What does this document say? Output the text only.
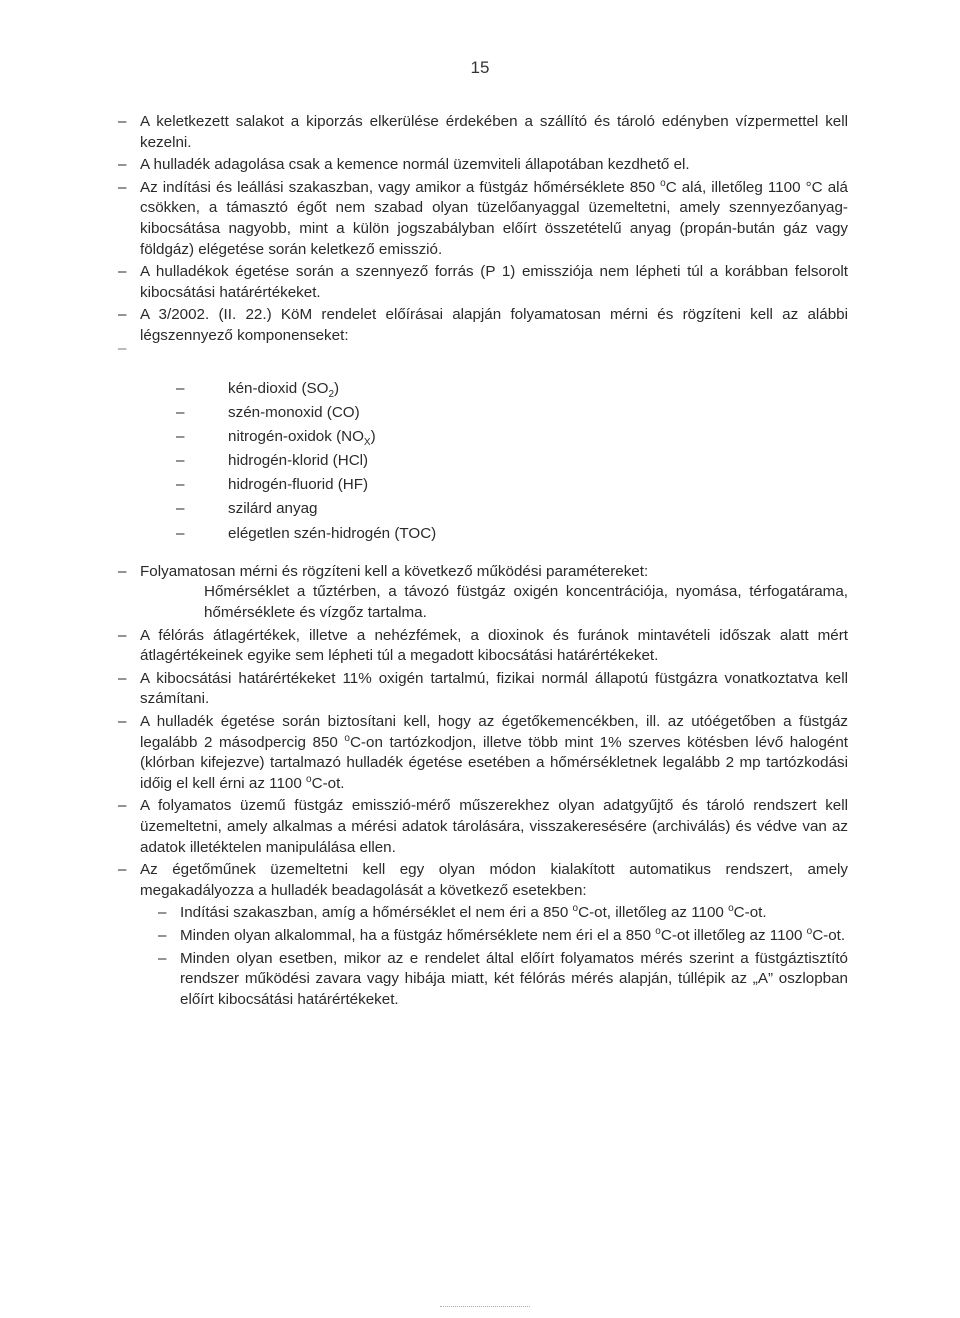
15
– A keletkezett salakot a kiporzás elkerülése érdekében a szállító és tároló edényben vízpermettel kell kezelni.

– A hulladék adagolása csak a kemence normál üzemviteli állapotában kezdhető el.

– Az indítási és leállási szakaszban, vagy amikor a füstgáz hőmérséklete 850 $^o$C alá, illetőleg 1100 °C alá csökken, a támasztó égőt nem szabad olyan tüzelőanyaggal üzemeltetni, amely szennyezőanyag-kibocsátása nagyobb, mint a külön jogszabályban előírt összetételű anyag (propán-bután gáz vagy földgáz) elégetése során keletkező emisszió.

– A hulladékok égetése során a szennyező forrás (P 1) emissziója nem lépheti túl a korábban felsorolt kibocsátási határértékeket.

– A 3/2002. (II. 22.) KöM rendelet előírásai alapján folyamatosan mérni és rögzíteni kell az alábbi légszennyező komponenseket:

–
–	kén-dioxid $(SO_2)$
–	szén-monoxid (CO)
–	nitrogén-oxidok $(NO_X)$
–	hidrogén-klorid (HCl)
–	hidrogén-fluorid (HF)
–	szilárd anyag
–	elégetlen szén-hidrogén (TOC)
– Folyamatosan mérni és rögzíteni kell a következő működési paramétereket:

Hőmérséklet a tűztérben, a távozó füstgáz oxigén koncentrációja, nyomása, térfogatárama, hőmérséklete és vízgőz tartalma.

– A félórás átlagértékek, illetve a nehézfémek, a dioxinok és furánok mintavételi időszak alatt mért átlagértékeinek egyike sem lépheti túl a megadott kibocsátási határértékeket.

– A kibocsátási határértékeket 11% oxigén tartalmú, fizikai normál állapotú füstgázra vonatkoztatva kell számítani.

– A hulladék égetése során biztosítani kell, hogy az égetőkemencékben, ill. az utóégetőben a füstgáz legalább 2 másodpercig 850 $^o$C-on tartózkodjon, illetve több mint 1% szerves kötésben lévő halogént (klórban kifejezve) tartalmazó hulladék égetése esetében a hőmérsékletnek legalább 2 mp tartózkodási időig el kell érni az 1100 $^o$C-ot.

– A folyamatos üzemű füstgáz emisszió-mérő műszerekhez olyan adatgyűjtő és tároló rendszert kell üzemeltetni, amely alkalmas a mérési adatok tárolására, visszakeresésére (archiválás) és védve van az adatok illetéktelen manipulálása ellen.

– Az égetőműnek üzemeltetni kell egy olyan módon kialakított automatikus rendszert, amely megakadályozza a hulladék beadagolását a következő esetekben:

– Indítási szakaszban, amíg a hőmérséklet el nem éri a 850 $^o$C-ot, illetőleg az 1100 $^o$C-ot.
– Minden olyan alkalommal, ha a füstgáz hőmérséklete nem éri el a 850 $^o$C-ot illetőleg az 1100 $^o$C-ot.
– Minden olyan esetben, mikor az e rendelet által előírt folyamatos mérés szerint a füstgáztisztító rendszer működési zavara vagy hibája miatt, két félórás mérés alapján, túllépik az „A” oszlopban előírt kibocsátási határértékeket.
